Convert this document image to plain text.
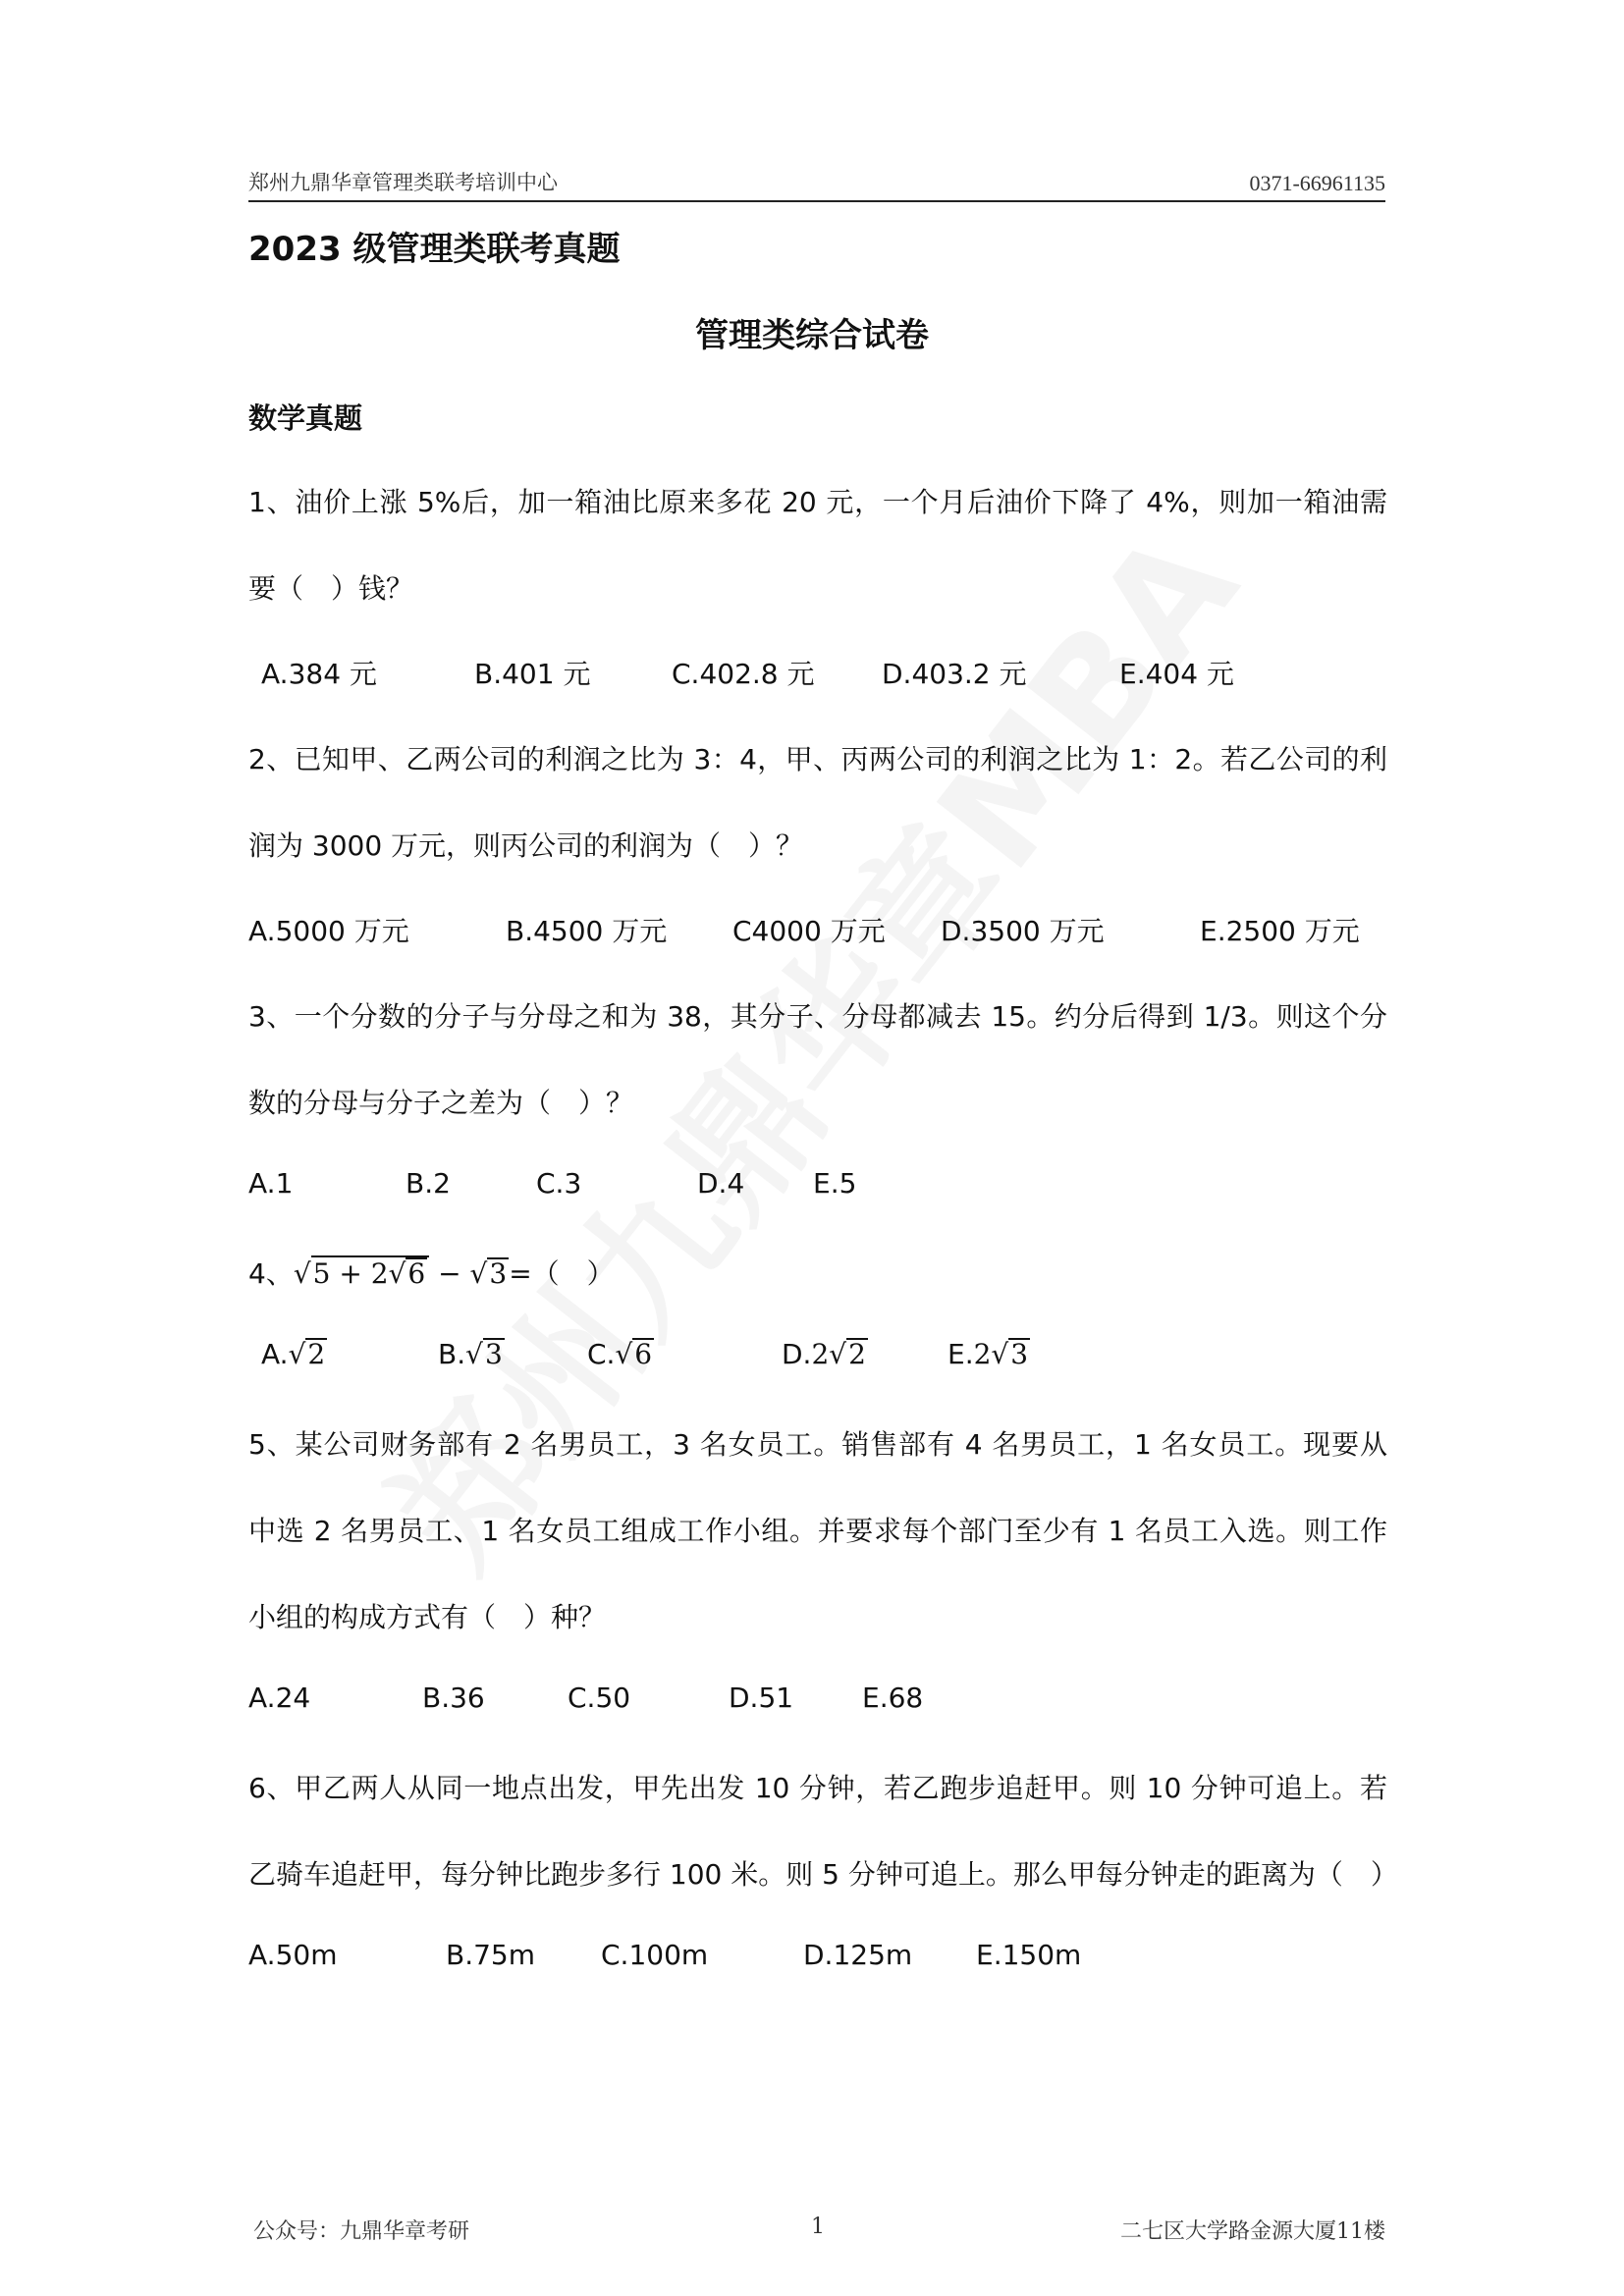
郑州九鼎华章管理类联考培训中心	0371-66961135
2023 级管理类联考真题
管理类综合试卷
数学真题
1、油价上涨 5%后，加一箱油比原来多花 20 元，一个月后油价下降了 4%，则加一箱油需
要（　）钱？
A.384 元	B.401 元	C.402.8 元 D.403.2 元	E.404 元
2、已知甲、乙两公司的利润之比为 3：4，甲、丙两公司的利润之比为 1：2。若乙公司的利
润为 3000 万元，则丙公司的利润为（　）？
A.5000 万元	B.4500 万元 C4000 万元 D.3500 万元	E.2500 万元
3、一个分数的分子与分母之和为 38，其分子、分母都减去 15。约分后得到 1/3。则这个分
数的分母与分子之差为（　）？
A.1	B.2	C.3	D.4 E.5
4、√5 + 2√6 − √3=（　）
A.√2	B.√3	C.√6	D.2√2	E.2√3
5、某公司财务部有 2 名男员工，3 名女员工。销售部有 4 名男员工，1 名女员工。现要从
中选 2 名男员工、1 名女员工组成工作小组。并要求每个部门至少有 1 名员工入选。则工作
小组的构成方式有（　）种？
A.24	B.36	C.50	D.51 E.68
6、甲乙两人从同一地点出发，甲先出发 10 分钟，若乙跑步追赶甲。则 10 分钟可追上。若
乙骑车追赶甲，每分钟比跑步多行 100 米。则 5 分钟可追上。那么甲每分钟走的距离为（　）
A.50m	B.75m C.100m	D.125m E.150m
公众号：九鼎华章考研	1	二七区大学路金源大厦11楼
